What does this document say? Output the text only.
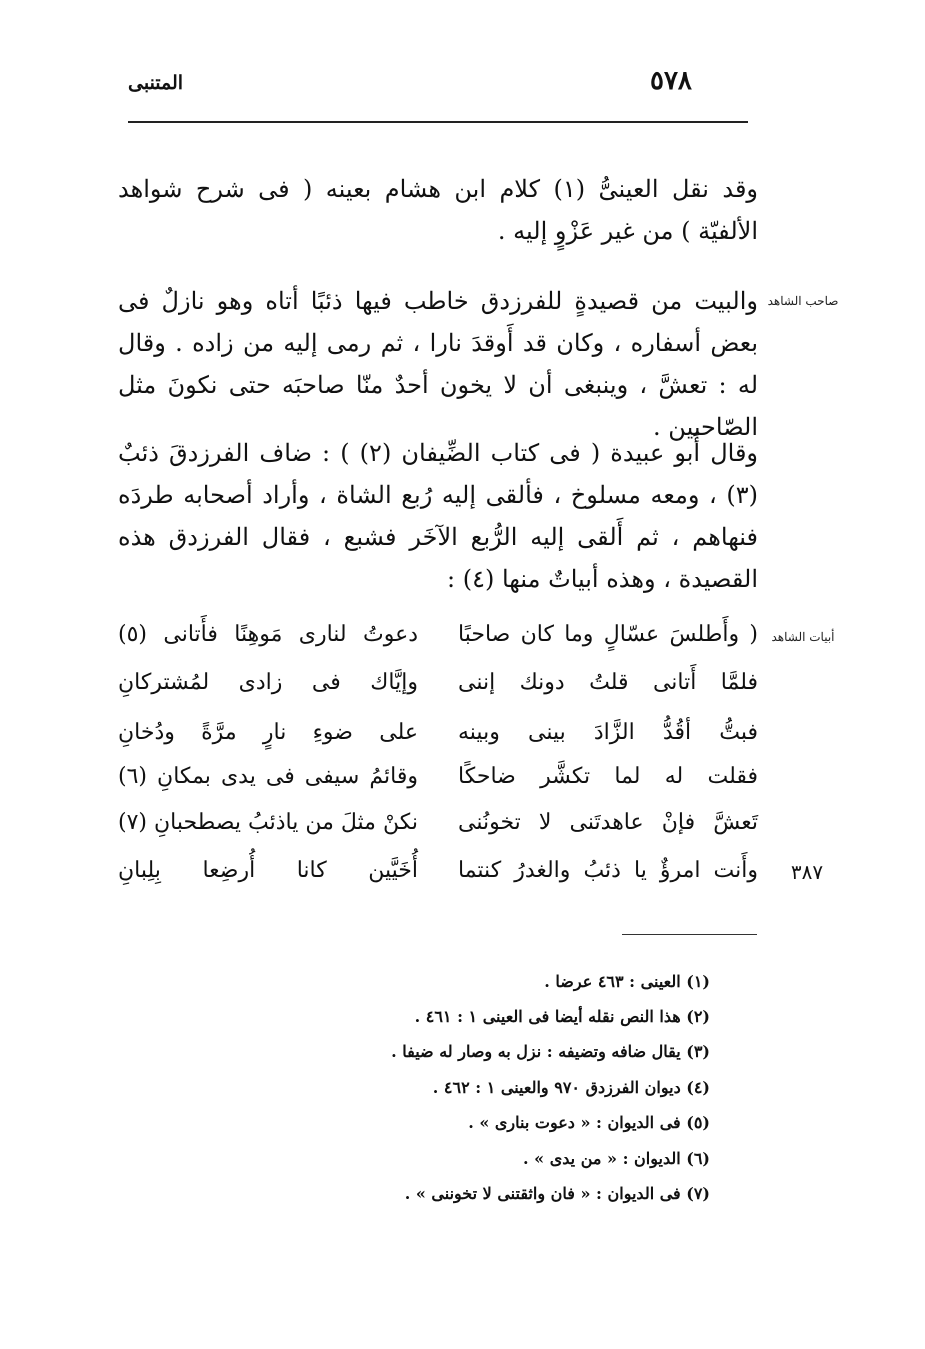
المتنبى	٥٧٨
وقد نقل العينىُّ (١) كلام ابن هشام بعينه ( فى شرح شواهد الألفيّة ) من غير عَزْوٍ إليه .
صاحب الشاهد
والبيت من قصيدةٍ للفرزدق خاطب فيها ذئبًا أتاه وهو نازلٌ فى بعض أسفاره ، وكان قد أَوقدَ نارا ، ثم رمى إليه من زاده . وقال له : تعشَّ ، وينبغى أن لا يخون أحدٌ منّا صاحبَه حتى نكونَ مثل الصّاحبين .
وقال أَبو عبيدة ( فى كتاب الضِّيفان (٢) ) : ضاف الفرزدقَ ذئبٌ (٣) ، ومعه مسلوخ ، فألقى إليه رُبع الشاة ، وأراد أصحابه طردَه فنهاهم ، ثم أَلقى إليه الرُّبع الآخَر فشبع ، فقال الفرزدق هذه القصيدة ، وهذه أبياتٌ منها (٤) :
أبيات الشاهد
( وأَطلسَ عسّالٍ وما كان صاحبًا
دعوتُ لنارى مَوهِنًا فأَتانى (٥)
فلمَّا أَتانى قلتُ دونك إننى
وإيَّاك فى زادى لمُشتركانِ
فبتُّ أقُدُّ الزَّادَ بينى وبينه
على ضوءِ نارٍ مرَّةً ودُخانِ
فقلت له لما تكشَّر ضاحكًا
وقائمُ سيفى فى يدى بمكانِ (٦)
تَعشَّ فإنْ عاهدتَنى لا تخونُنى
نكنْ مثلَ من ياذئبُ يصطحبانِ (٧)
وأَنت امرؤٌ يا ذئبُ والغدرُ كنتما
أُخَيَّين كانا أُرضِعا بِلِبانِ	٣٨٧
(١) العينى : ٤٦٣ عرضا .
(٢) هذا النص نقله أيضا فى العينى ١ : ٤٦١ .
(٣) يقال ضافه وتضيفه : نزل به وصار له ضيفا .
(٤) ديوان الفرزدق ٩٧٠ والعينى ١ : ٤٦٢ .
(٥) فى الديوان : « دعوت بنارى » .
(٦) الديوان : « من يدى » .
(٧) فى الديوان : « فان واثقتنى لا تخوننى » .
